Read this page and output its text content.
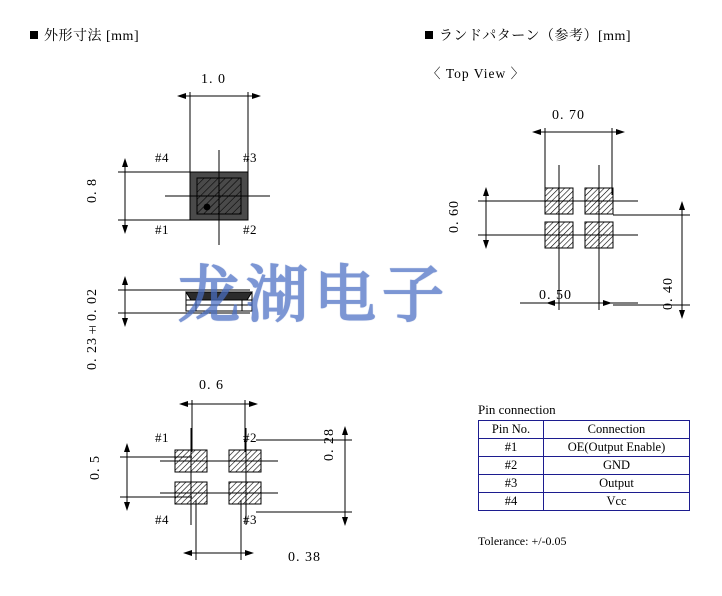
外形寸法 [mm]	ランドパターン（参考）[mm]
〈 Top View 〉
龙湖电子
1. 0
0. 8
#4	#3
#1	#2
0. 23±0. 02
0. 6
0. 5
0. 28
0. 38
#1	#2
#4	#3
0. 70
0. 60
0. 50	0. 40
Pin connection
Pin No.	Connection
#1	OE(Output Enable)
#2	GND
#3	Output
#4	Vcc
Tolerance: +/-0.05
